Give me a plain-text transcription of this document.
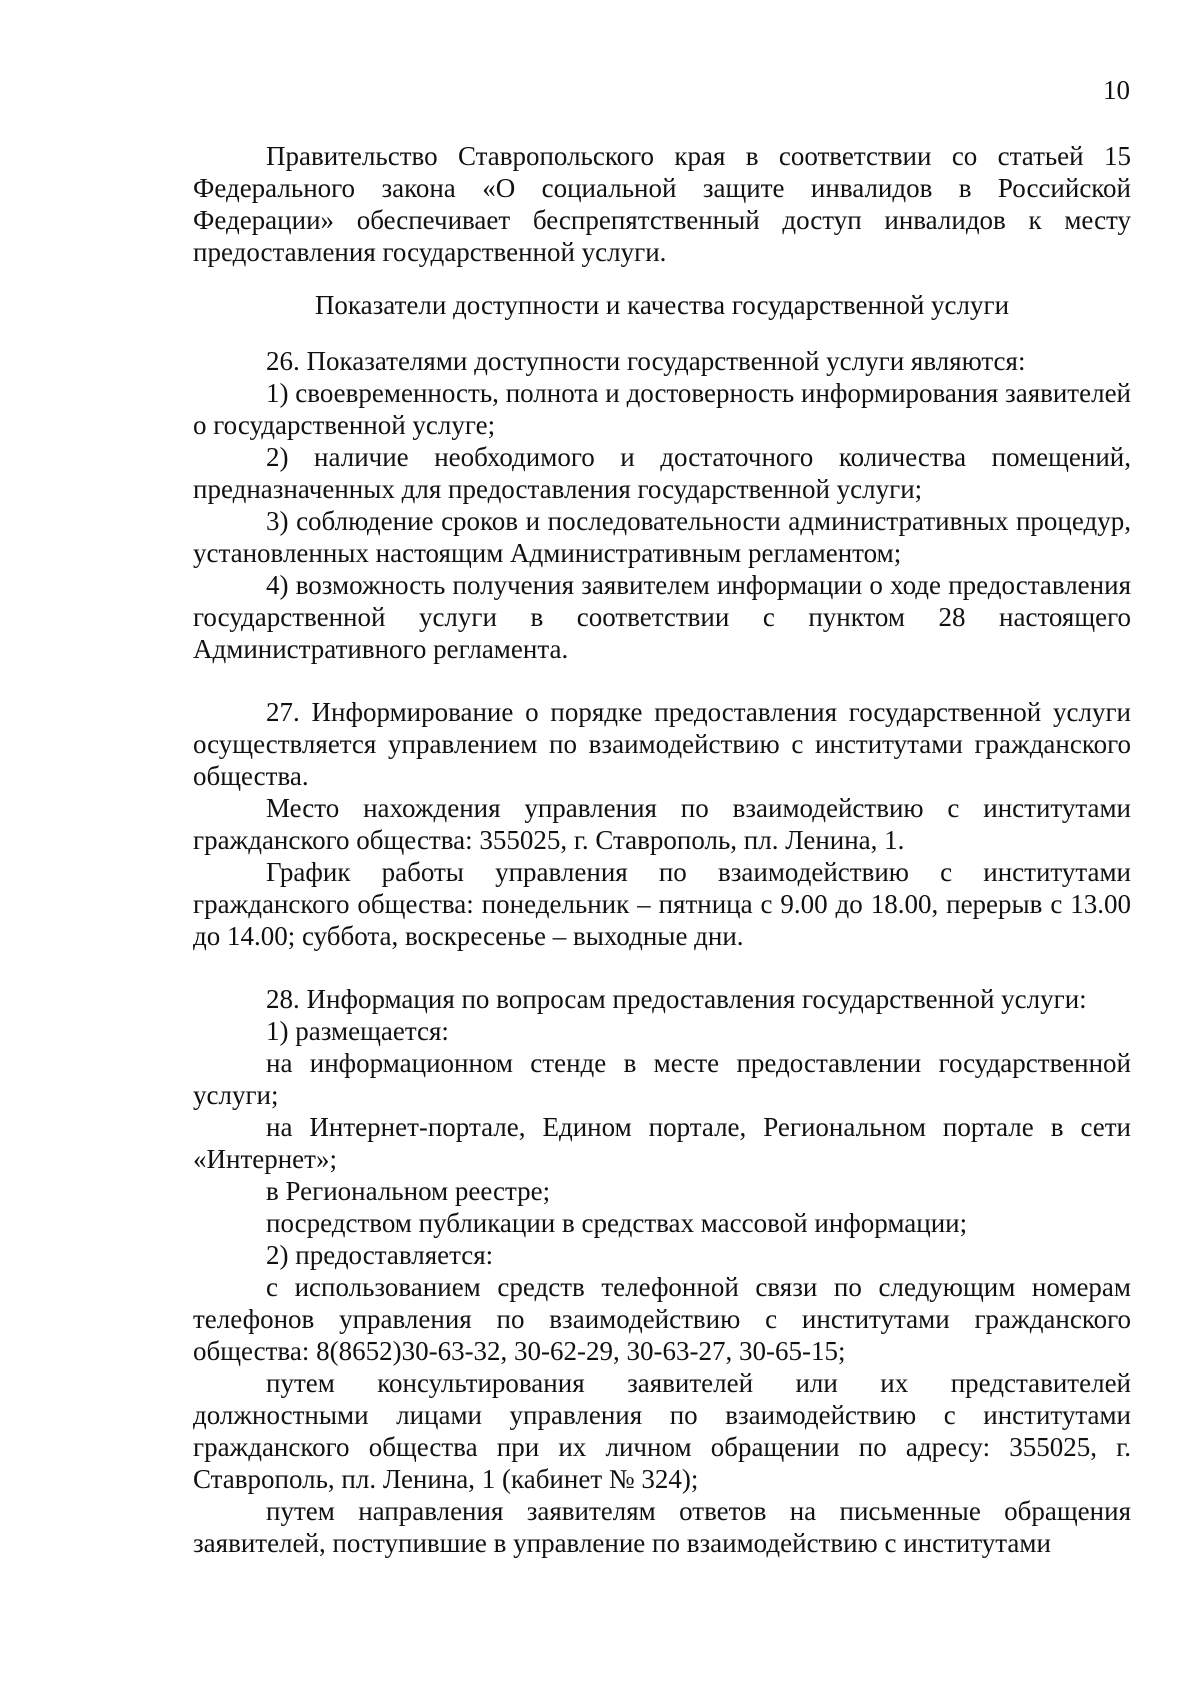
10

Правительство Ставропольского края в соответствии со статьей 15 Федерального закона «О социальной защите инвалидов в Российской Федерации» обеспечивает беспрепятственный доступ инвалидов к месту предоставления государственной услуги.

Показатели доступности и качества государственной услуги

26. Показателями доступности государственной услуги являются:

1) своевременность, полнота и достоверность информирования заявителей о государственной услуге;

2) наличие необходимого и достаточного количества помещений, предназначенных для предоставления государственной услуги;

3) соблюдение сроков и последовательности административных процедур, установленных настоящим Административным регламентом;

4) возможность получения заявителем информации о ходе предоставления государственной услуги в соответствии с пунктом 28 настоящего Административного регламента.

27. Информирование о порядке предоставления государственной услуги осуществляется управлением по взаимодействию с институтами гражданского общества.

Место нахождения управления по взаимодействию с институтами гражданского общества: 355025, г. Ставрополь, пл. Ленина, 1.

График работы управления по взаимодействию с институтами гражданского общества: понедельник – пятница с 9.00 до 18.00, перерыв с 13.00 до 14.00; суббота, воскресенье – выходные дни.

28. Информация по вопросам предоставления государственной услуги:

1) размещается:

на информационном стенде в месте предоставлении государственной услуги;

на Интернет-портале, Едином портале, Региональном портале в сети «Интернет»;

в Региональном реестре;

посредством публикации в средствах массовой информации;

2) предоставляется:

с использованием средств телефонной связи по следующим номерам телефонов управления по взаимодействию с институтами гражданского общества: 8(8652)30-63-32, 30-62-29, 30-63-27, 30-65-15;

путем консультирования заявителей или их представителей должностными лицами управления по взаимодействию с институтами гражданского общества при их личном обращении по адресу: 355025, г. Ставрополь, пл. Ленина, 1 (кабинет № 324);

путем направления заявителям ответов на письменные обращения заявителей, поступившие в управление по взаимодействию с институтами
